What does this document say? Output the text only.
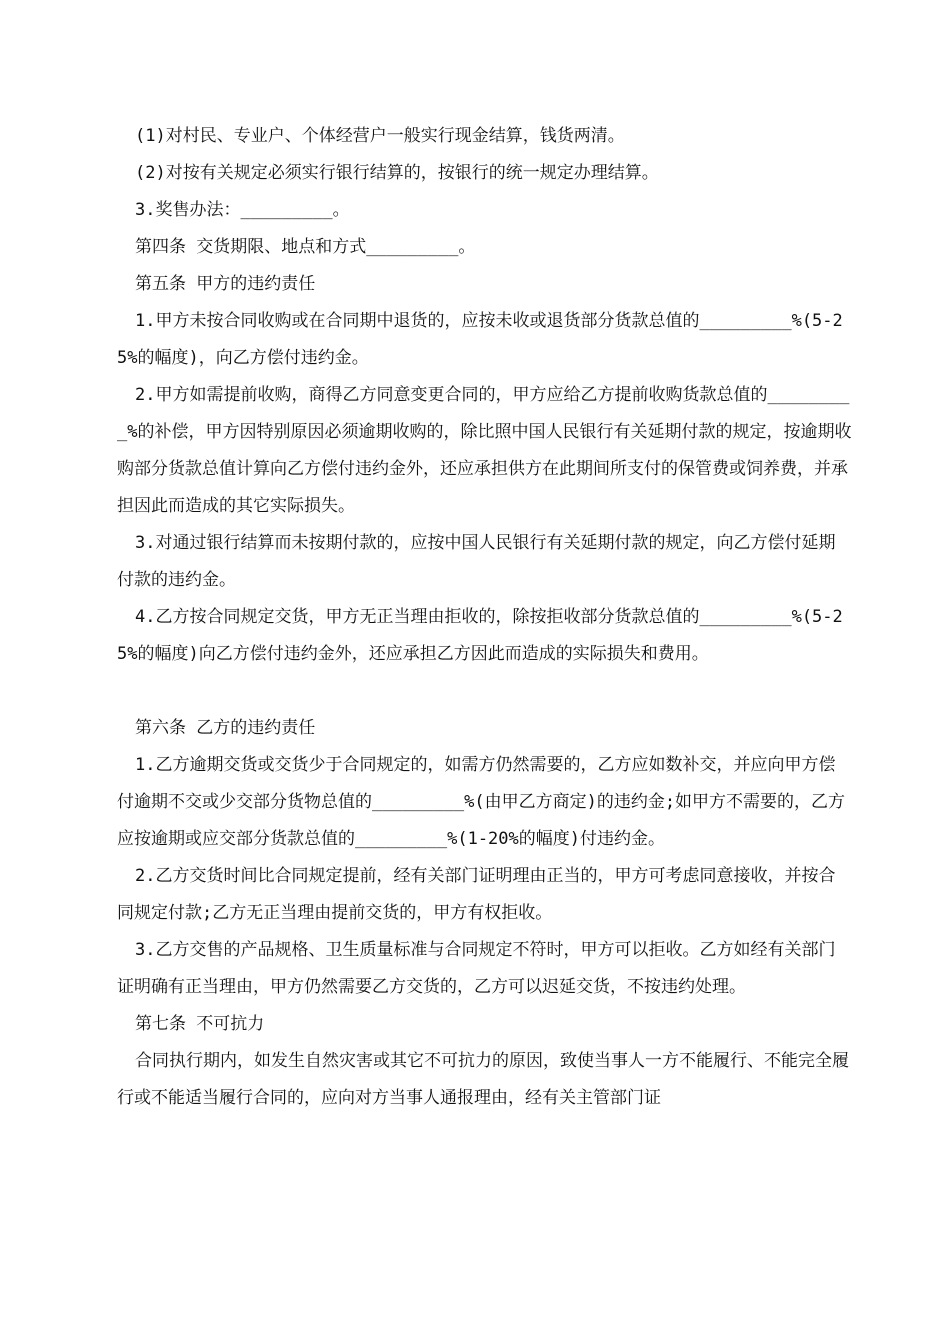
(1)对村民、专业户、个体经营户一般实行现金结算，钱货两清。

(2)对按有关规定必须实行银行结算的，按银行的统一规定办理结算。

3.奖售办法：_________。

第四条 交货期限、地点和方式_________。

第五条 甲方的违约责任

1.甲方未按合同收购或在合同期中退货的，应按未收或退货部分货款总值的_________%(5-25%的幅度)，向乙方偿付违约金。

2.甲方如需提前收购，商得乙方同意变更合同的，甲方应给乙方提前收购货款总值的_________%的补偿，甲方因特别原因必须逾期收购的，除比照中国人民银行有关延期付款的规定，按逾期收购部分货款总值计算向乙方偿付违约金外，还应承担供方在此期间所支付的保管费或饲养费，并承担因此而造成的其它实际损失。

3.对通过银行结算而未按期付款的，应按中国人民银行有关延期付款的规定，向乙方偿付延期付款的违约金。

4.乙方按合同规定交货，甲方无正当理由拒收的，除按拒收部分货款总值的_________%(5-25%的幅度)向乙方偿付违约金外，还应承担乙方因此而造成的实际损失和费用。

第六条 乙方的违约责任

1.乙方逾期交货或交货少于合同规定的，如需方仍然需要的，乙方应如数补交，并应向甲方偿付逾期不交或少交部分货物总值的_________%(由甲乙方商定)的违约金;如甲方不需要的，乙方应按逾期或应交部分货款总值的_________%(1-20%的幅度)付违约金。

2.乙方交货时间比合同规定提前，经有关部门证明理由正当的，甲方可考虑同意接收，并按合同规定付款;乙方无正当理由提前交货的，甲方有权拒收。

3.乙方交售的产品规格、卫生质量标准与合同规定不符时，甲方可以拒收。乙方如经有关部门证明确有正当理由，甲方仍然需要乙方交货的，乙方可以迟延交货，不按违约处理。

第七条 不可抗力

合同执行期内，如发生自然灾害或其它不可抗力的原因，致使当事人一方不能履行、不能完全履行或不能适当履行合同的，应向对方当事人通报理由，经有关主管部门证
